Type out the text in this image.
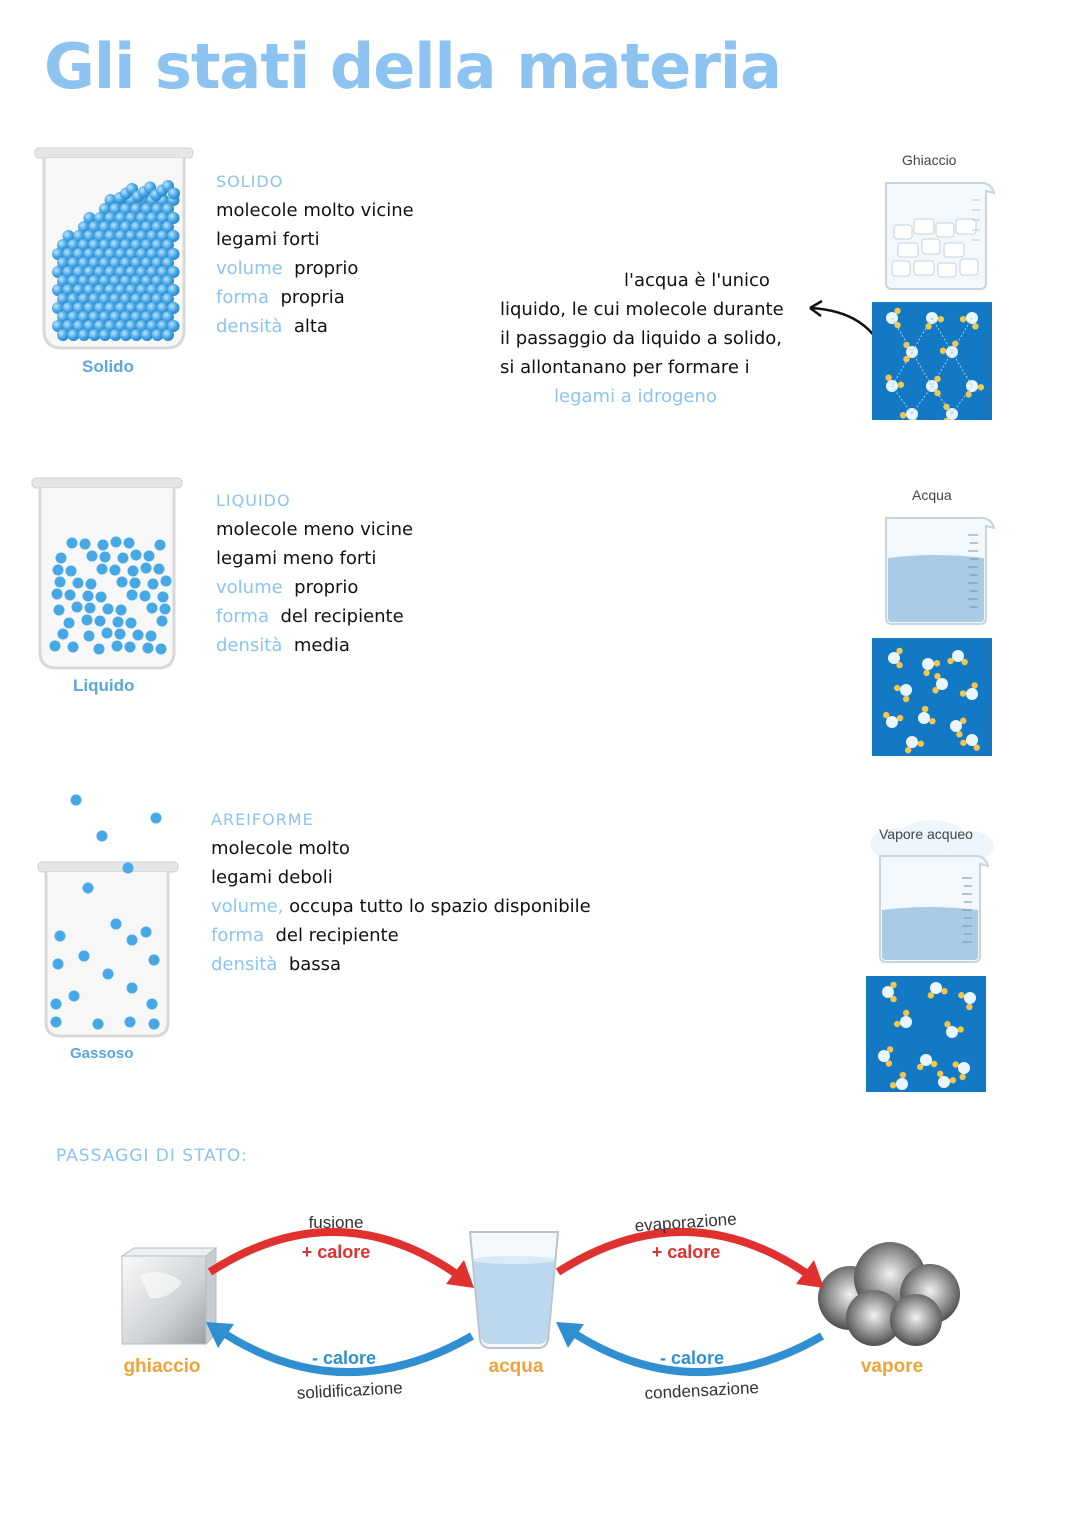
Gli stati della materia
Solido
SOLIDO
molecole molto vicine
legami forti
volume proprio
forma propria
densità alta
l'acqua è l'unico
liquido, le cui molecole durante
il passaggio da liquido a solido,
si allontanano per formare i
legami a idrogeno
Ghiaccio
Liquido
LIQUIDO
molecole meno vicine
legami meno forti
volume proprio
forma del recipiente
densità media
Acqua
Gassoso
AREIFORME
molecole molto
legami deboli
volume, occupa tutto lo spazio disponibile
forma del recipiente
densità bassa
Vapore acqueo
PASSAGGI DI STATO:
fusione
+ calore
evaporazione
+ calore
- calore
solidificazione
- calore
condensazione
ghiaccio	acqua	vapore
